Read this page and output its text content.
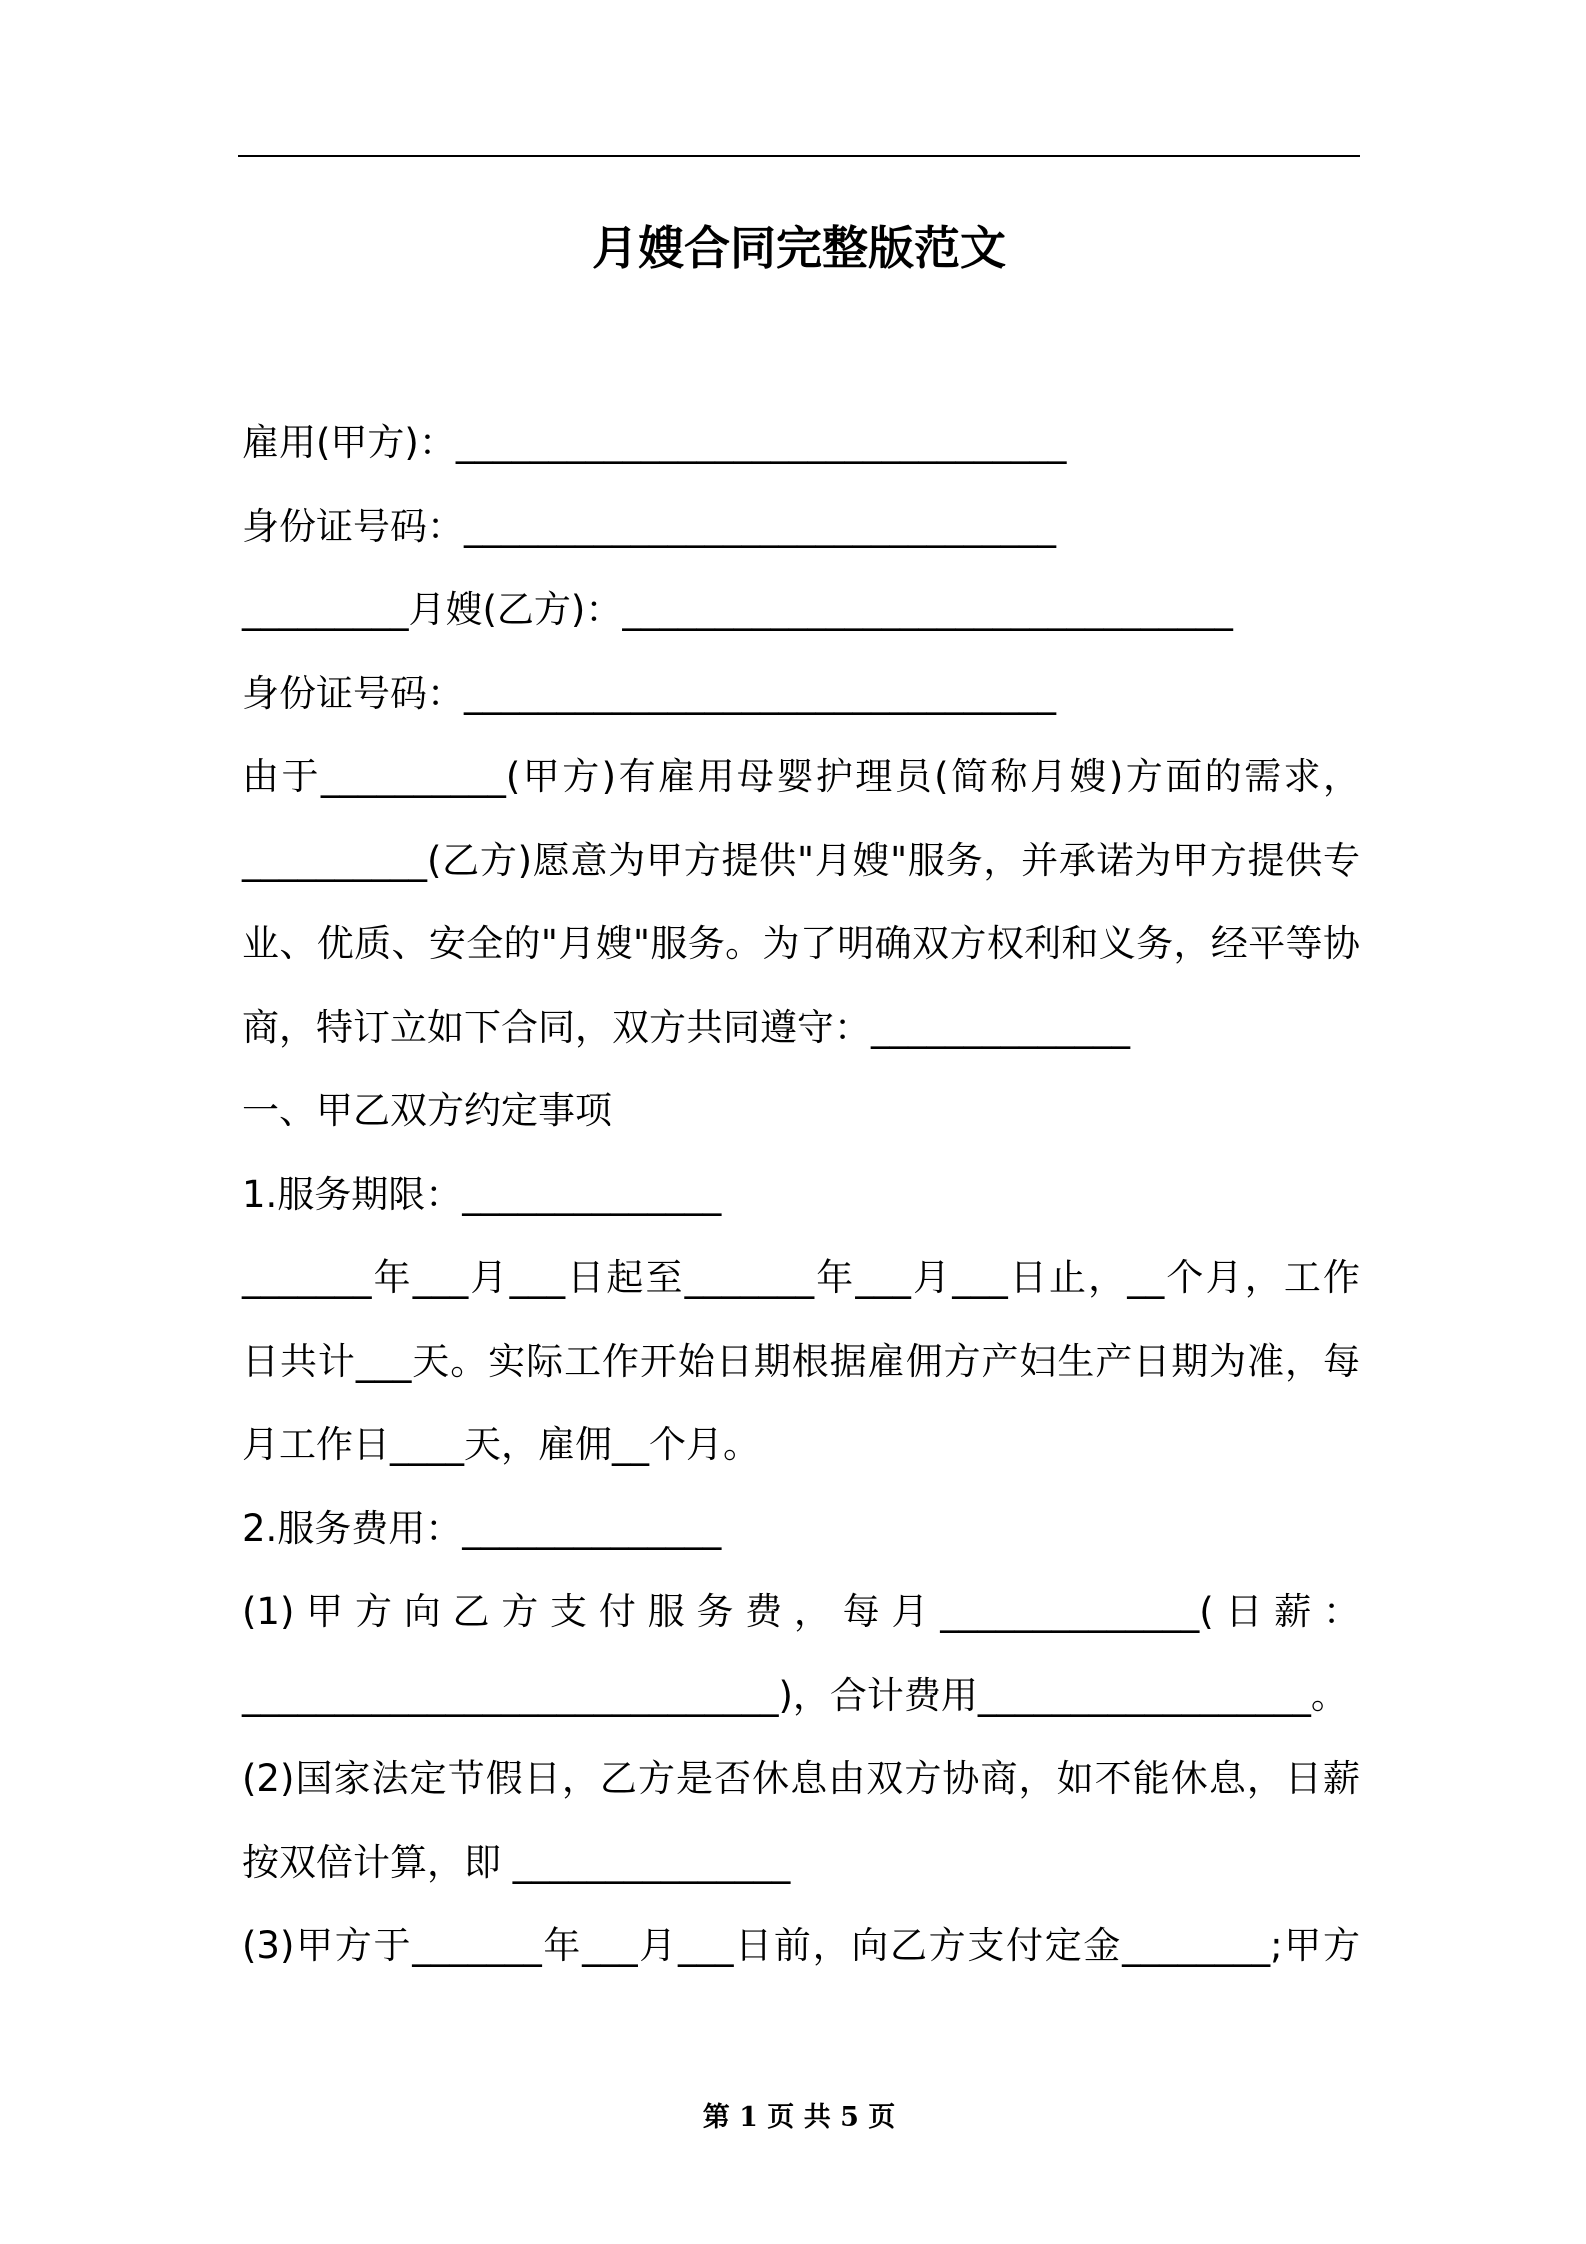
月嫂合同完整版范文
雇用(甲方)：_________________________________
身份证号码：________________________________
_________月嫂(乙方)：_________________________________
身份证号码：________________________________
由于__________(甲方)有雇用母婴护理员(简称月嫂)方面的需求，
__________(乙方)愿意为甲方提供"月嫂"服务，并承诺为甲方提供专
业、优质、安全的"月嫂"服务。为了明确双方权利和义务，经平等协
商，特订立如下合同，双方共同遵守：______________
一、甲乙双方约定事项
1.服务期限：______________
_______年___月___日起至_______年___月___日止，__个月，工作
日共计___天。实际工作开始日期根据雇佣方产妇生产日期为准，每
月工作日____天，雇佣__个月。
2.服务费用：______________
(1)甲方向乙方支付服务费，每月______________(日薪：
_____________________________)，合计费用__________________。
(2)国家法定节假日，乙方是否休息由双方协商，如不能休息，日薪
按双倍计算，即 _______________
(3)甲方于_______年___月___日前，向乙方支付定金________;甲方
第 1 页 共 5 页
